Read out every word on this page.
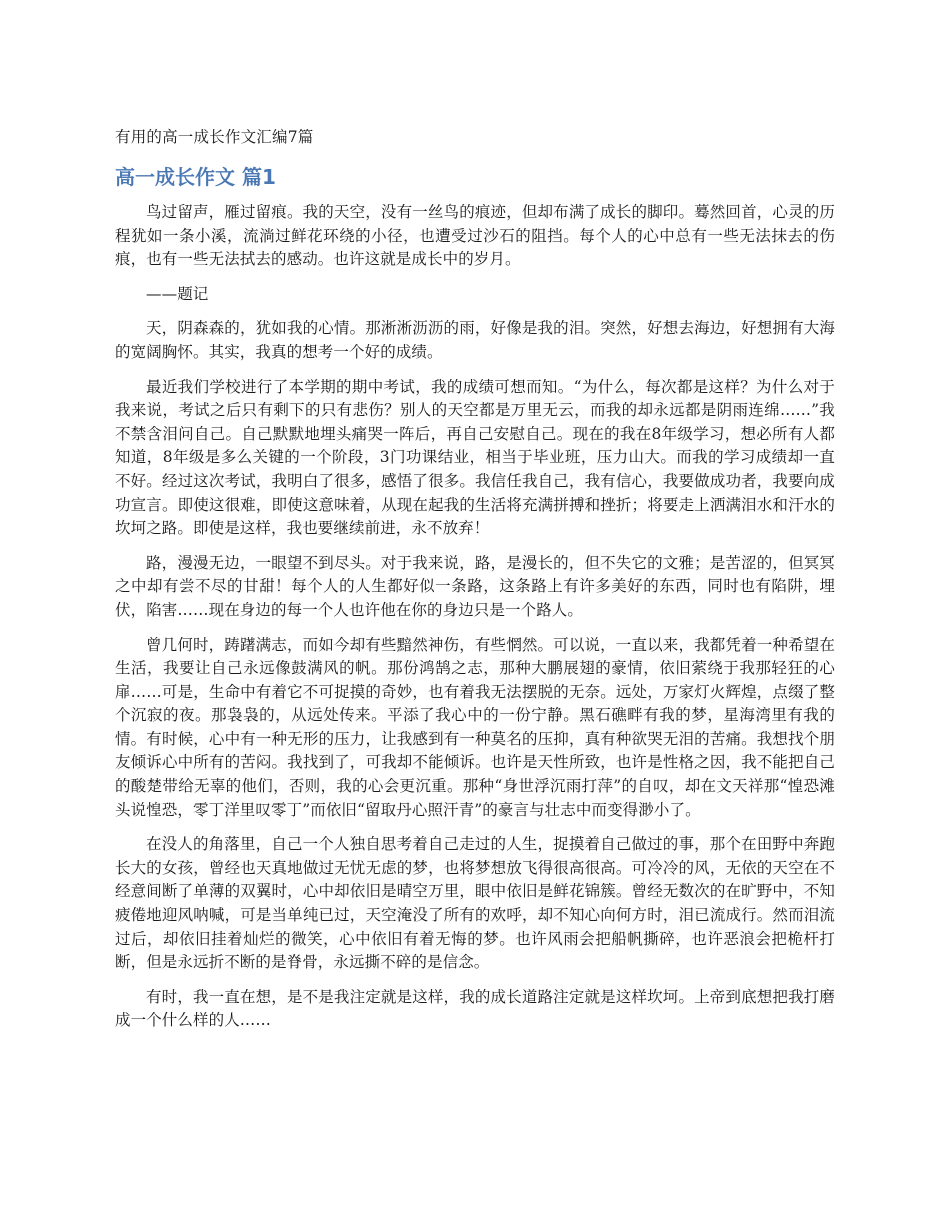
有用的高一成长作文汇编7篇
高一成长作文 篇1

鸟过留声，雁过留痕。我的天空，没有一丝鸟的痕迹，但却布满了成长的脚印。蓦然回首，心灵的历程犹如一条小溪，流淌过鲜花环绕的小径，也遭受过沙石的阻挡。每个人的心中总有一些无法抹去的伤痕，也有一些无法拭去的感动。也许这就是成长中的岁月。

——题记

天，阴森森的，犹如我的心情。那淅淅沥沥的雨，好像是我的泪。突然，好想去海边，好想拥有大海的宽阔胸怀。其实，我真的想考一个好的成绩。

最近我们学校进行了本学期的期中考试，我的成绩可想而知。“为什么，每次都是这样？为什么对于我来说，考试之后只有剩下的只有悲伤？别人的天空都是万里无云，而我的却永远都是阴雨连绵……”我不禁含泪问自己。自己默默地埋头痛哭一阵后，再自己安慰自己。现在的我在8年级学习，想必所有人都知道，8年级是多么关键的一个阶段，3门功课结业，相当于毕业班，压力山大。而我的学习成绩却一直不好。经过这次考试，我明白了很多，感悟了很多。我信任我自己，我有信心，我要做成功者，我要向成功宣言。即使这很难，即使这意味着，从现在起我的生活将充满拼搏和挫折；将要走上洒满泪水和汗水的坎坷之路。即使是这样，我也要继续前进，永不放弃！

路，漫漫无边，一眼望不到尽头。对于我来说，路，是漫长的，但不失它的文雅；是苦涩的，但冥冥之中却有尝不尽的甘甜！每个人的人生都好似一条路，这条路上有许多美好的东西，同时也有陷阱，埋伏，陷害……现在身边的每一个人也许他在你的身边只是一个路人。

曾几何时，踌躇满志，而如今却有些黯然神伤，有些惘然。可以说，一直以来，我都凭着一种希望在生活，我要让自己永远像鼓满风的帆。那份鸿鹄之志，那种大鹏展翅的豪情，依旧萦绕于我那轻狂的心扉……可是，生命中有着它不可捉摸的奇妙，也有着我无法摆脱的无奈。远处，万家灯火辉煌，点缀了整个沉寂的夜。那袅袅的，从远处传来。平添了我心中的一份宁静。黑石礁畔有我的梦，星海湾里有我的情。有时候，心中有一种无形的压力，让我感到有一种莫名的压抑，真有种欲哭无泪的苦痛。我想找个朋友倾诉心中所有的苦闷。我找到了，可我却不能倾诉。也许是天性所致，也许是性格之因，我不能把自己的酸楚带给无辜的他们，否则，我的心会更沉重。那种“身世浮沉雨打萍”的自叹，却在文天祥那“惶恐滩头说惶恐，零丁洋里叹零丁”而依旧“留取丹心照汗青”的豪言与壮志中而变得渺小了。

在没人的角落里，自己一个人独自思考着自己走过的人生，捉摸着自己做过的事，那个在田野中奔跑长大的女孩，曾经也天真地做过无忧无虑的梦，也将梦想放飞得很高很高。可冷冷的风，无依的天空在不经意间断了单薄的双翼时，心中却依旧是晴空万里，眼中依旧是鲜花锦簇。曾经无数次的在旷野中，不知疲倦地迎风呐喊，可是当单纯已过，天空淹没了所有的欢呼，却不知心向何方时，泪已流成行。然而泪流过后，却依旧挂着灿烂的微笑，心中依旧有着无悔的梦。也许风雨会把船帆撕碎，也许恶浪会把桅杆打断，但是永远折不断的是脊骨，永远撕不碎的是信念。

有时，我一直在想，是不是我注定就是这样，我的成长道路注定就是这样坎坷。上帝到底想把我打磨成一个什么样的人……
